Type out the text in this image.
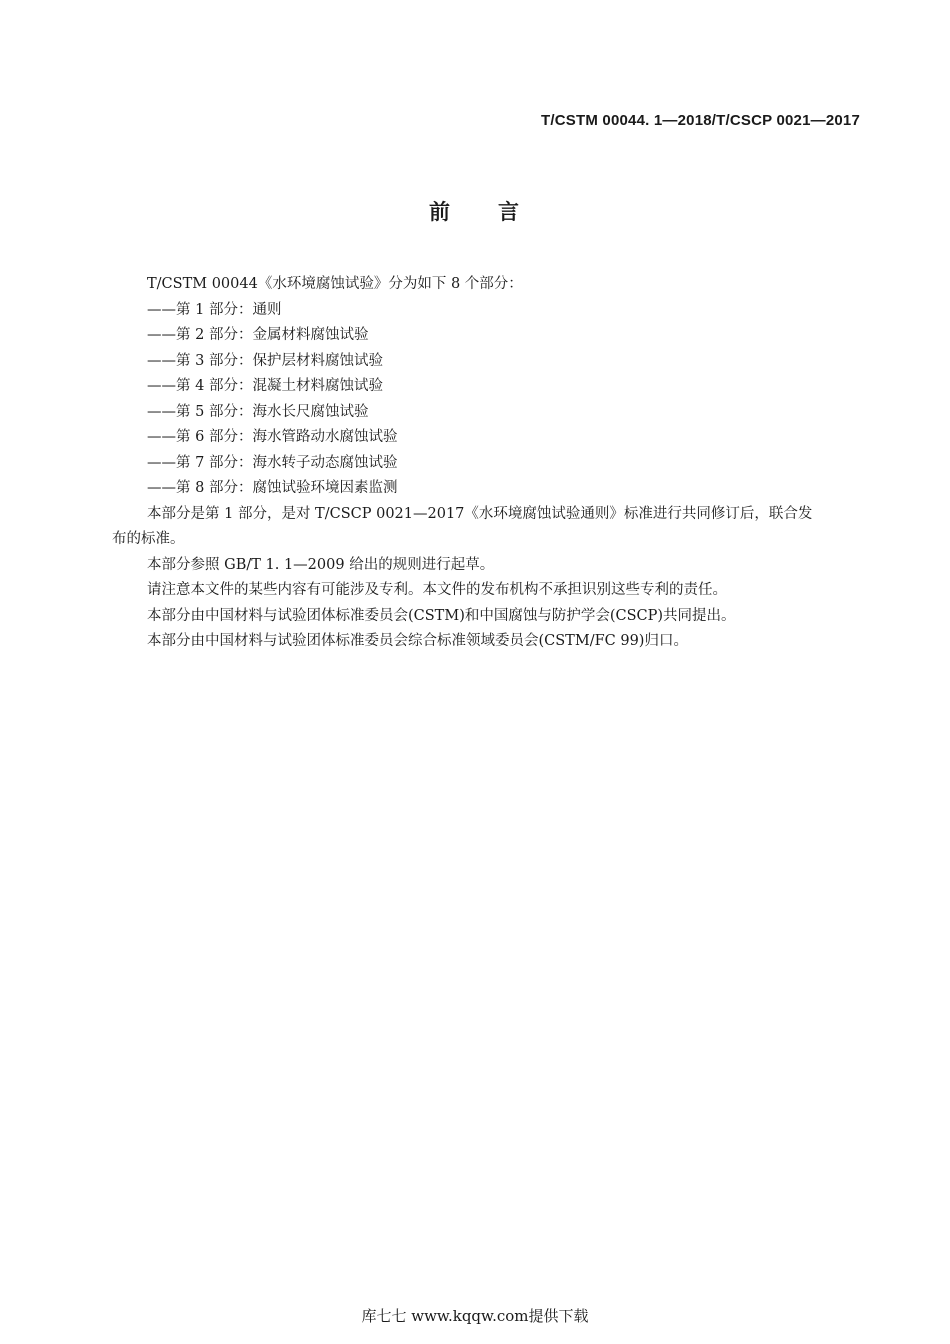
T/CSTM 00044. 1—2018/T/CSCP 0021—2017
前 言
T/CSTM 00044《水环境腐蚀试验》分为如下 8 个部分：
——第 1 部分：通则
——第 2 部分：金属材料腐蚀试验
——第 3 部分：保护层材料腐蚀试验
——第 4 部分：混凝土材料腐蚀试验
——第 5 部分：海水长尺腐蚀试验
——第 6 部分：海水管路动水腐蚀试验
——第 7 部分：海水转子动态腐蚀试验
——第 8 部分：腐蚀试验环境因素监测
本部分是第 1 部分，是对 T/CSCP 0021—2017《水环境腐蚀试验通则》标准进行共同修订后，联合发
布的标准。
本部分参照 GB/T 1. 1—2009 给出的规则进行起草。
请注意本文件的某些内容有可能涉及专利。本文件的发布机构不承担识别这些专利的责任。
本部分由中国材料与试验团体标准委员会(CSTM)和中国腐蚀与防护学会(CSCP)共同提出。
本部分由中国材料与试验团体标准委员会综合标准领域委员会(CSTM/FC 99)归口。
库七七 www.kqqw.com提供下载
